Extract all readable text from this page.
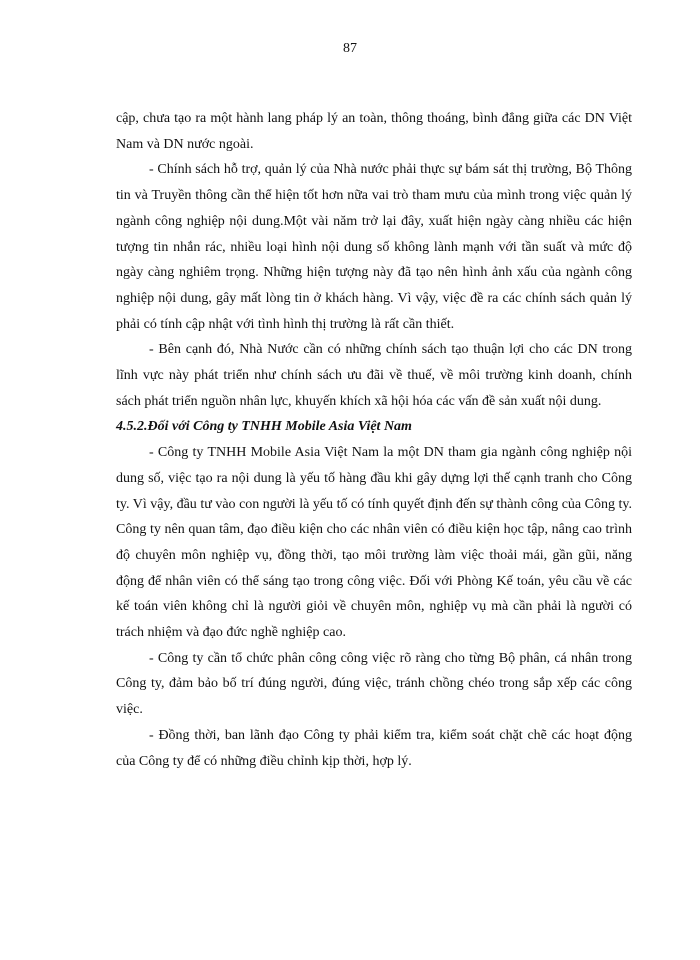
87

cập, chưa tạo ra một hành lang pháp lý an toàn, thông thoáng, bình đẳng giữa các DN Việt Nam và DN nước ngoài.

- Chính sách hỗ trợ, quản lý của Nhà nước phải thực sự bám sát thị trường, Bộ Thông tin và Truyền thông cần thể hiện tốt hơn nữa vai trò tham mưu của mình trong việc quản lý ngành công nghiệp nội dung.Một vài năm trở lại đây, xuất hiện ngày càng nhiều các hiện tượng tin nhắn rác, nhiều loại hình nội dung số không lành mạnh với tần suất và mức độ ngày càng nghiêm trọng. Những hiện tượng này đã tạo nên hình ảnh xấu của ngành công nghiệp nội dung, gây mất lòng tin ở khách hàng. Vì vậy, việc đề ra các chính sách quản lý phải có tính cập nhật với tình hình thị trường là rất cần thiết.

- Bên cạnh đó, Nhà Nước cần có những chính sách tạo thuận lợi cho các DN trong lĩnh vực này phát triển như chính sách ưu đãi về thuế, về môi trường kinh doanh, chính sách phát triển nguồn nhân lực, khuyến khích xã hội hóa các vấn đề sản xuất nội dung.

4.5.2.Đối với Công ty TNHH Mobile Asia Việt Nam

- Công ty TNHH Mobile Asia Việt Nam la một DN tham gia ngành công nghiệp nội dung số, việc tạo ra nội dung là yếu tố hàng đầu khi gây dựng lợi thế cạnh tranh cho Công ty. Vì vậy, đầu tư vào con người là yếu tố có tính quyết định đến sự thành công của Công ty. Công ty nên quan tâm, đạo điều kiện cho các nhân viên có điều kiện học tập, nâng cao trình độ chuyên môn nghiệp vụ, đồng thời, tạo môi trường làm việc thoải mái, gần gũi, năng động để nhân viên có thể sáng tạo trong công việc. Đối với Phòng Kế toán, yêu cầu về các kế toán viên không chỉ là người giỏi về chuyên môn, nghiệp vụ mà cần phải là người có trách nhiệm và đạo đức nghề nghiệp cao.

- Công ty cần tổ chức phân công công việc rõ ràng cho từng Bộ phân, cá nhân trong Công ty, đảm bảo bố trí đúng người, đúng việc, tránh chồng chéo trong sắp xếp các công việc.

- Đồng thời, ban lãnh đạo Công ty phải kiểm tra, kiểm soát chặt chẽ các hoạt động của Công ty để có những điều chỉnh kịp thời, hợp lý.
